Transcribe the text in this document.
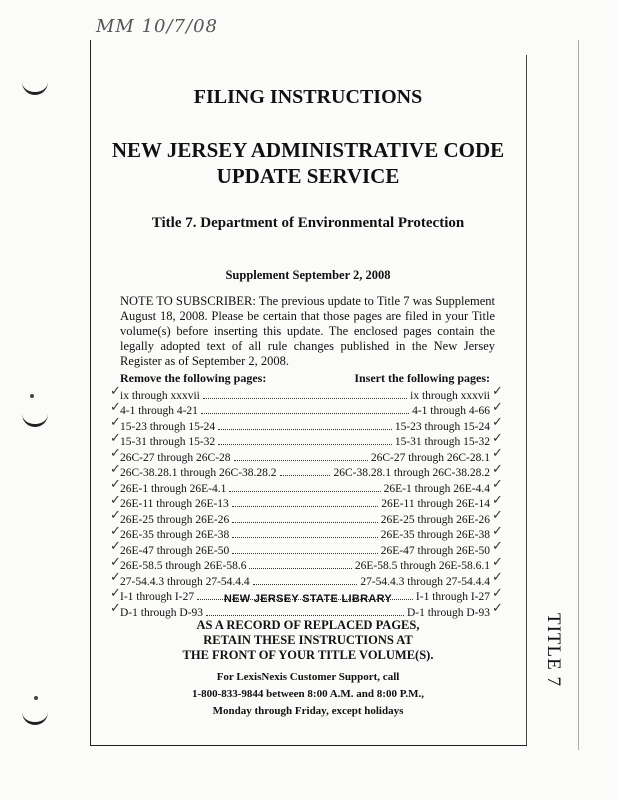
MM 10/7/08
TITLE 7
FILING INSTRUCTIONS
NEW JERSEY ADMINISTRATIVE CODE
UPDATE SERVICE
Title 7. Department of Environmental Protection
Supplement September 2, 2008
NOTE TO SUBSCRIBER: The previous update to Title 7 was Supplement August 18, 2008. Please be certain that those pages are filed in your Title volume(s) before inserting this update. The enclosed pages contain the legally adopted text of all rule changes published in the New Jersey Register as of September 2, 2008.
Remove the following pages:	Insert the following pages:
ix through xxxvii	ix through xxxvii
4-1 through 4-21	4-1 through 4-66
15-23 through 15-24	15-23 through 15-24
15-31 through 15-32	15-31 through 15-32
26C-27 through 26C-28	26C-27 through 26C-28.1
26C-38.28.1 through 26C-38.28.2	26C-38.28.1 through 26C-38.28.2
26E-1 through 26E-4.1	26E-1 through 26E-4.4
26E-11 through 26E-13	26E-11 through 26E-14
26E-25 through 26E-26	26E-25 through 26E-26
26E-35 through 26E-38	26E-35 through 26E-38
26E-47 through 26E-50	26E-47 through 26E-50
26E-58.5 through 26E-58.6	26E-58.5 through 26E-58.6.1
27-54.4.3 through 27-54.4.4	27-54.4.3 through 27-54.4.4
I-1 through I-27	I-1 through I-27
D-1 through D-93	D-1 through D-93
✓	✓
✓	✓
✓	✓
✓	✓
✓	✓
✓	✓
✓	✓
✓	✓
✓	✓
✓	✓
✓	✓
✓	✓
✓	✓
✓	✓
✓	✓
NEW JERSEY STATE LIBRARY
AS A RECORD OF REPLACED PAGES,
RETAIN THESE INSTRUCTIONS AT
THE FRONT OF YOUR TITLE VOLUME(S).
For LexisNexis Customer Support, call
1-800-833-9844 between 8:00 A.M. and 8:00 P.M.,
Monday through Friday, except holidays
